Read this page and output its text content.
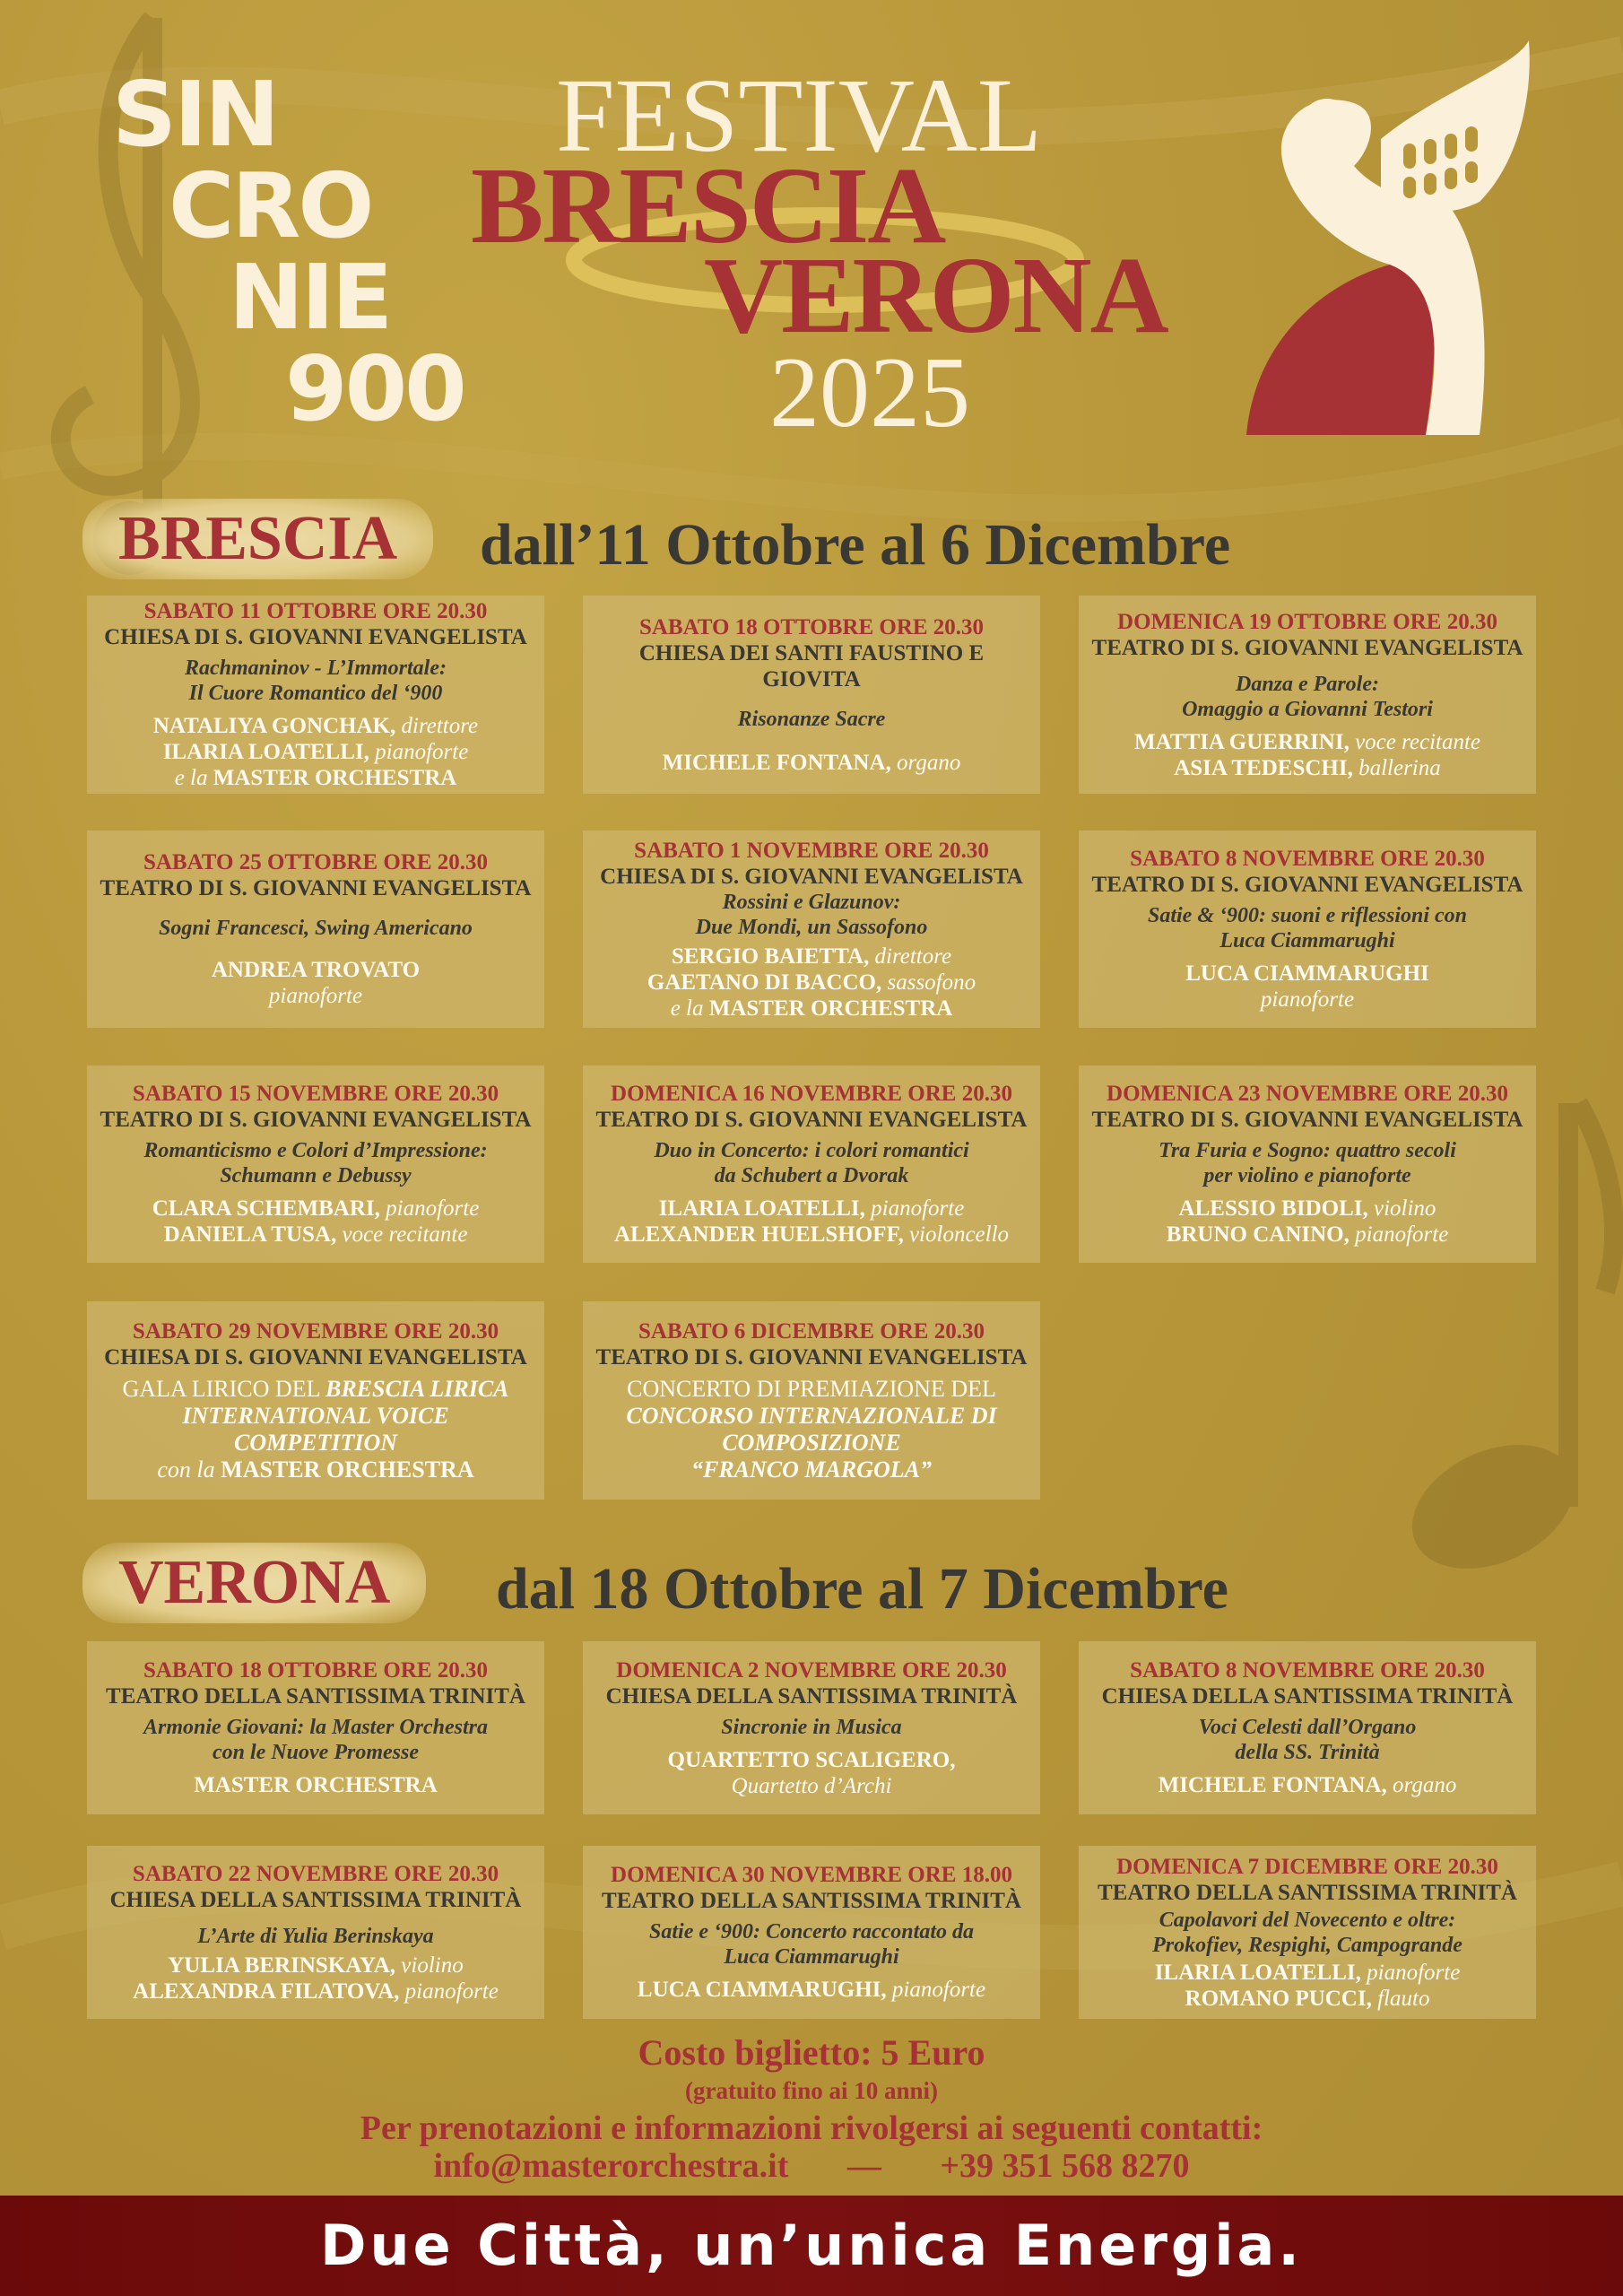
SIN
CRO
NIE
900
FESTIVAL
BRESCIA
VERONA
2025
BRESCIA	dall’11 Ottobre al 6 Dicembre
SABATO 11 OTTOBRE ORE 20.30
CHIESA DI S. GIOVANNI EVANGELISTA
Rachmaninov - L’Immortale:
Il Cuore Romantico del ‘900
NATALIYA GONCHAK, direttore
ILARIA LOATELLI, pianoforte
e la MASTER ORCHESTRA
SABATO 18 OTTOBRE ORE 20.30
CHIESA DEI SANTI FAUSTINO E GIOVITA
Risonanze Sacre
MICHELE FONTANA, organo
DOMENICA 19 OTTOBRE ORE 20.30
TEATRO DI S. GIOVANNI EVANGELISTA
Danza e Parole:
Omaggio a Giovanni Testori
MATTIA GUERRINI, voce recitante
ASIA TEDESCHI, ballerina
SABATO 25 OTTOBRE ORE 20.30
TEATRO DI S. GIOVANNI EVANGELISTA
Sogni Francesci, Swing Americano
ANDREA TROVATO
pianoforte
SABATO 1 NOVEMBRE ORE 20.30
CHIESA DI S. GIOVANNI EVANGELISTA
Rossini e Glazunov:
Due Mondi, un Sassofono
SERGIO BAIETTA, direttore
GAETANO DI BACCO, sassofono
e la MASTER ORCHESTRA
SABATO 8 NOVEMBRE ORE 20.30
TEATRO DI S. GIOVANNI EVANGELISTA
Satie & ‘900: suoni e riflessioni con
Luca Ciammarughi
LUCA CIAMMARUGHI
pianoforte
SABATO 15 NOVEMBRE ORE 20.30
TEATRO DI S. GIOVANNI EVANGELISTA
Romanticismo e Colori d’Impressione:
Schumann e Debussy
CLARA SCHEMBARI, pianoforte
DANIELA TUSA, voce recitante
DOMENICA 16 NOVEMBRE ORE 20.30
TEATRO DI S. GIOVANNI EVANGELISTA
Duo in Concerto: i colori romantici
da Schubert a Dvorak
ILARIA LOATELLI, pianoforte
ALEXANDER HUELSHOFF, violoncello
DOMENICA 23 NOVEMBRE ORE 20.30
TEATRO DI S. GIOVANNI EVANGELISTA
Tra Furia e Sogno: quattro secoli
per violino e pianoforte
ALESSIO BIDOLI, violino
BRUNO CANINO, pianoforte
SABATO 29 NOVEMBRE ORE 20.30
CHIESA DI S. GIOVANNI EVANGELISTA
GALA LIRICO DEL BRESCIA LIRICA
INTERNATIONAL VOICE
COMPETITION
con la MASTER ORCHESTRA
SABATO 6 DICEMBRE ORE 20.30
TEATRO DI S. GIOVANNI EVANGELISTA
CONCERTO DI PREMIAZIONE DEL
CONCORSO INTERNAZIONALE DI
COMPOSIZIONE
“FRANCO MARGOLA”
VERONA	dal 18 Ottobre al 7 Dicembre
SABATO 18 OTTOBRE ORE 20.30
TEATRO DELLA SANTISSIMA TRINITÀ
Armonie Giovani: la Master Orchestra
con le Nuove Promesse
MASTER ORCHESTRA
DOMENICA 2 NOVEMBRE ORE 20.30
CHIESA DELLA SANTISSIMA TRINITÀ
Sincronie in Musica
QUARTETTO SCALIGERO,
Quartetto d’Archi
SABATO 8 NOVEMBRE ORE 20.30
CHIESA DELLA SANTISSIMA TRINITÀ
Voci Celesti dall’Organo
della SS. Trinità
MICHELE FONTANA, organo
SABATO 22 NOVEMBRE ORE 20.30
CHIESA DELLA SANTISSIMA TRINITÀ
L’Arte di Yulia Berinskaya
YULIA BERINSKAYA, violino
ALEXANDRA FILATOVA, pianoforte
DOMENICA 30 NOVEMBRE ORE 18.00
TEATRO DELLA SANTISSIMA TRINITÀ
Satie e ‘900: Concerto raccontato da
Luca Ciammarughi
LUCA CIAMMARUGHI, pianoforte
DOMENICA 7 DICEMBRE ORE 20.30
TEATRO DELLA SANTISSIMA TRINITÀ
Capolavori del Novecento e oltre:
Prokofiev, Respighi, Campogrande
ILARIA LOATELLI, pianoforte
ROMANO PUCCI, flauto
Costo biglietto: 5 Euro
(gratuito fino ai 10 anni)
Per prenotazioni e informazioni rivolgersi ai seguenti contatti:
info@masterorchestra.it — +39 351 568 8270
Due Città, un’unica Energia.
